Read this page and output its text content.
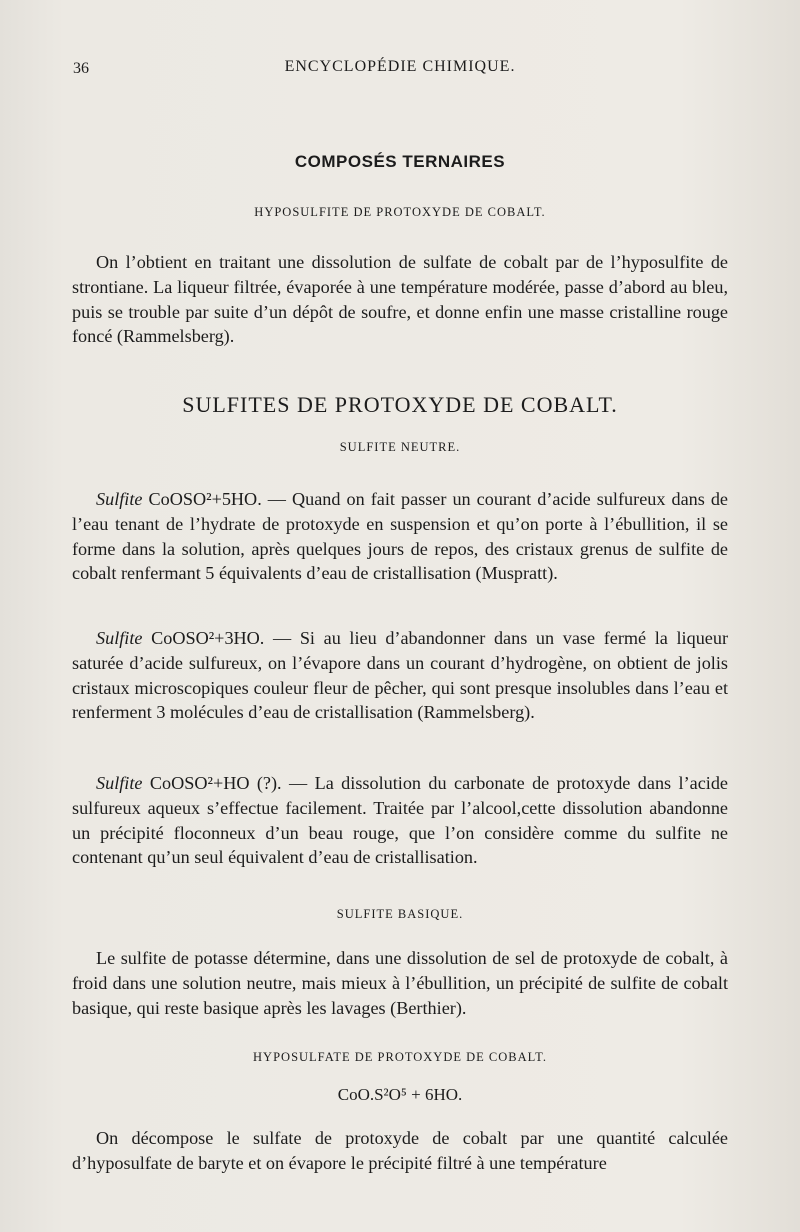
36	ENCYCLOPÉDIE CHIMIQUE.
COMPOSÉS TERNAIRES
HYPOSULFITE DE PROTOXYDE DE COBALT.

On l’obtient en traitant une dissolution de sulfate de cobalt par de l’hyposulfite de strontiane. La liqueur filtrée, évaporée à une température modérée, passe d’abord au bleu, puis se trouble par suite d’un dépôt de soufre, et donne enfin une masse cristalline rouge foncé (Rammelsberg).

SULFITES DE PROTOXYDE DE COBALT.
SULFITE NEUTRE.

Sulfite CoOSO²+5HO. — Quand on fait passer un courant d’acide sulfureux dans de l’eau tenant de l’hydrate de protoxyde en suspension et qu’on porte à l’ébullition, il se forme dans la solution, après quelques jours de repos, des cristaux grenus de sulfite de cobalt renfermant 5 équivalents d’eau de cristallisation (Muspratt).

Sulfite CoOSO²+3HO. — Si au lieu d’abandonner dans un vase fermé la liqueur saturée d’acide sulfureux, on l’évapore dans un courant d’hydrogène, on obtient de jolis cristaux microscopiques couleur fleur de pêcher, qui sont presque insolubles dans l’eau et renferment 3 molécules d’eau de cristallisation (Rammelsberg).

Sulfite CoOSO²+HO (?). — La dissolution du carbonate de protoxyde dans l’acide sulfureux aqueux s’effectue facilement. Traitée par l’alcool,cette dissolution abandonne un précipité floconneux d’un beau rouge, que l’on considère comme du sulfite ne contenant qu’un seul équivalent d’eau de cristallisation.

SULFITE BASIQUE.

Le sulfite de potasse détermine, dans une dissolution de sel de protoxyde de cobalt, à froid dans une solution neutre, mais mieux à l’ébullition, un précipité de sulfite de cobalt basique, qui reste basique après les lavages (Berthier).

HYPOSULFATE DE PROTOXYDE DE COBALT.
CoO.S²O⁵ + 6HO.

On décompose le sulfate de protoxyde de cobalt par une quantité calculée d’hyposulfate de baryte et on évapore le précipité filtré à une température
